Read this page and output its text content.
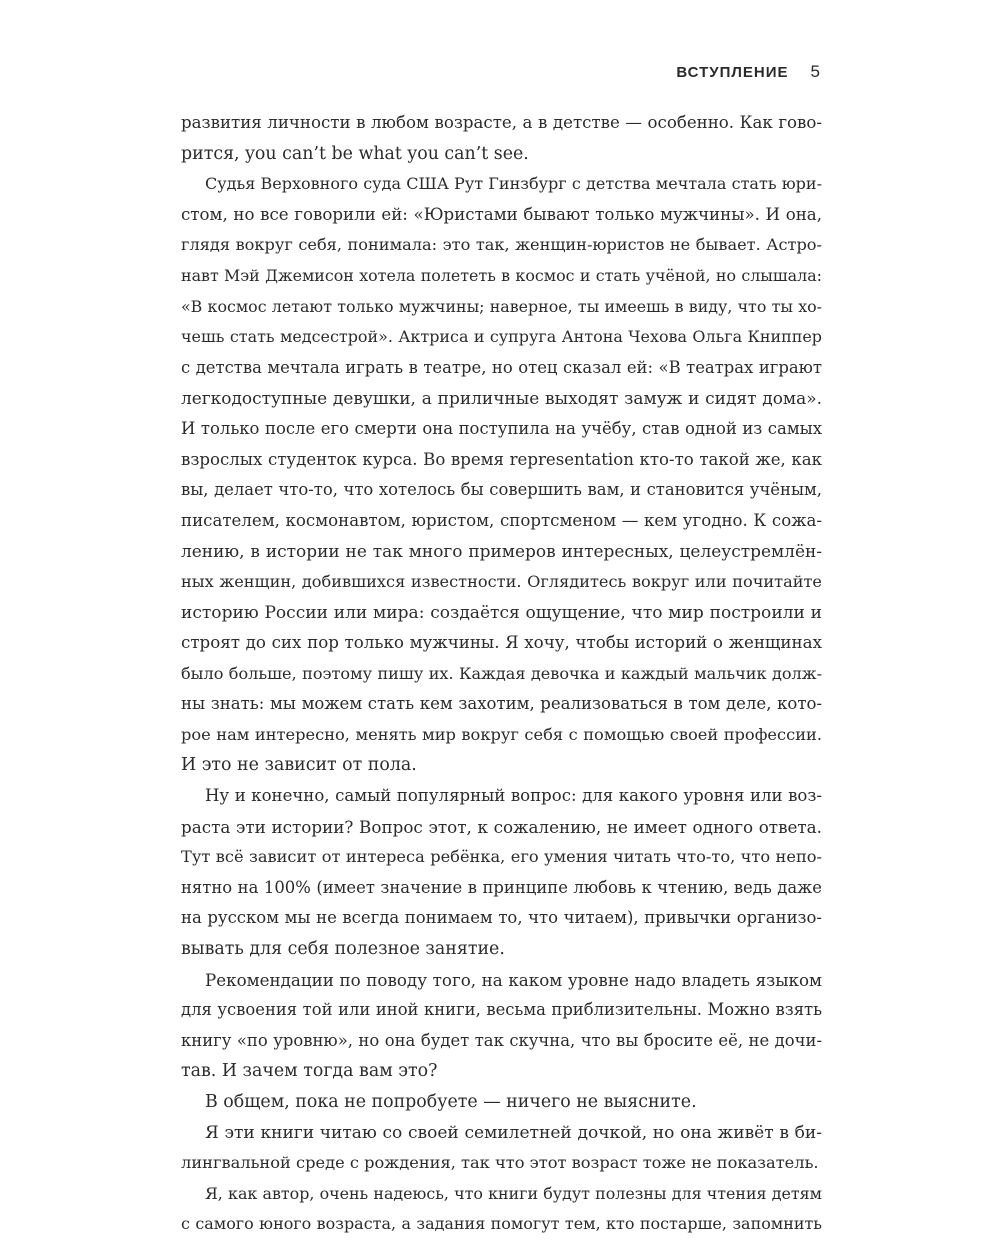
ВСТУПЛЕНИЕ 5
развития личности в любом возрасте, а в детстве — особенно. Как гово-
рится, you can’t be what you can’t see.
Судья Верховного суда США Рут Гинзбург с детства мечтала стать юри-
стом, но все говорили ей: «Юристами бывают только мужчины». И она,
глядя вокруг себя, понимала: это так, женщин-юристов не бывает. Астро-
навт Мэй Джемисон хотела полететь в космос и стать учёной, но слышала:
«В космос летают только мужчины; наверное, ты имеешь в виду, что ты хо-
чешь стать медсестрой». Актриса и супруга Антона Чехова Ольга Книппер
с детства мечтала играть в театре, но отец сказал ей: «В театрах играют
легкодоступные девушки, а приличные выходят замуж и сидят дома».
И только после его смерти она поступила на учёбу, став одной из самых
взрослых студенток курса. Во время representation кто-то такой же, как
вы, делает что-то, что хотелось бы совершить вам, и становится учёным,
писателем, космонавтом, юристом, спортсменом — кем угодно. К сожа-
лению, в истории не так много примеров интересных, целеустремлён-
ных женщин, добившихся известности. Оглядитесь вокруг или почитайте
историю России или мира: создаётся ощущение, что мир построили и
строят до сих пор только мужчины. Я хочу, чтобы историй о женщинах
было больше, поэтому пишу их. Каждая девочка и каждый мальчик долж-
ны знать: мы можем стать кем захотим, реализоваться в том деле, кото-
рое нам интересно, менять мир вокруг себя с помощью своей профессии.
И это не зависит от пола.
Ну и конечно, самый популярный вопрос: для какого уровня или воз-
раста эти истории? Вопрос этот, к сожалению, не имеет одного ответа.
Тут всё зависит от интереса ребёнка, его умения читать что-то, что непо-
нятно на 100% (имеет значение в принципе любовь к чтению, ведь даже
на русском мы не всегда понимаем то, что читаем), привычки организо-
вывать для себя полезное занятие.
Рекомендации по поводу того, на каком уровне надо владеть языком
для усвоения той или иной книги, весьма приблизительны. Можно взять
книгу «по уровню», но она будет так скучна, что вы бросите её, не дочи-
тав. И зачем тогда вам это?
В общем, пока не попробуете — ничего не выясните.
Я эти книги читаю со своей семилетней дочкой, но она живёт в би-
лингвальной среде с рождения, так что этот возраст тоже не показатель.
Я, как автор, очень надеюсь, что книги будут полезны для чтения детям
с самого юного возраста, а задания помогут тем, кто постарше, запомнить
